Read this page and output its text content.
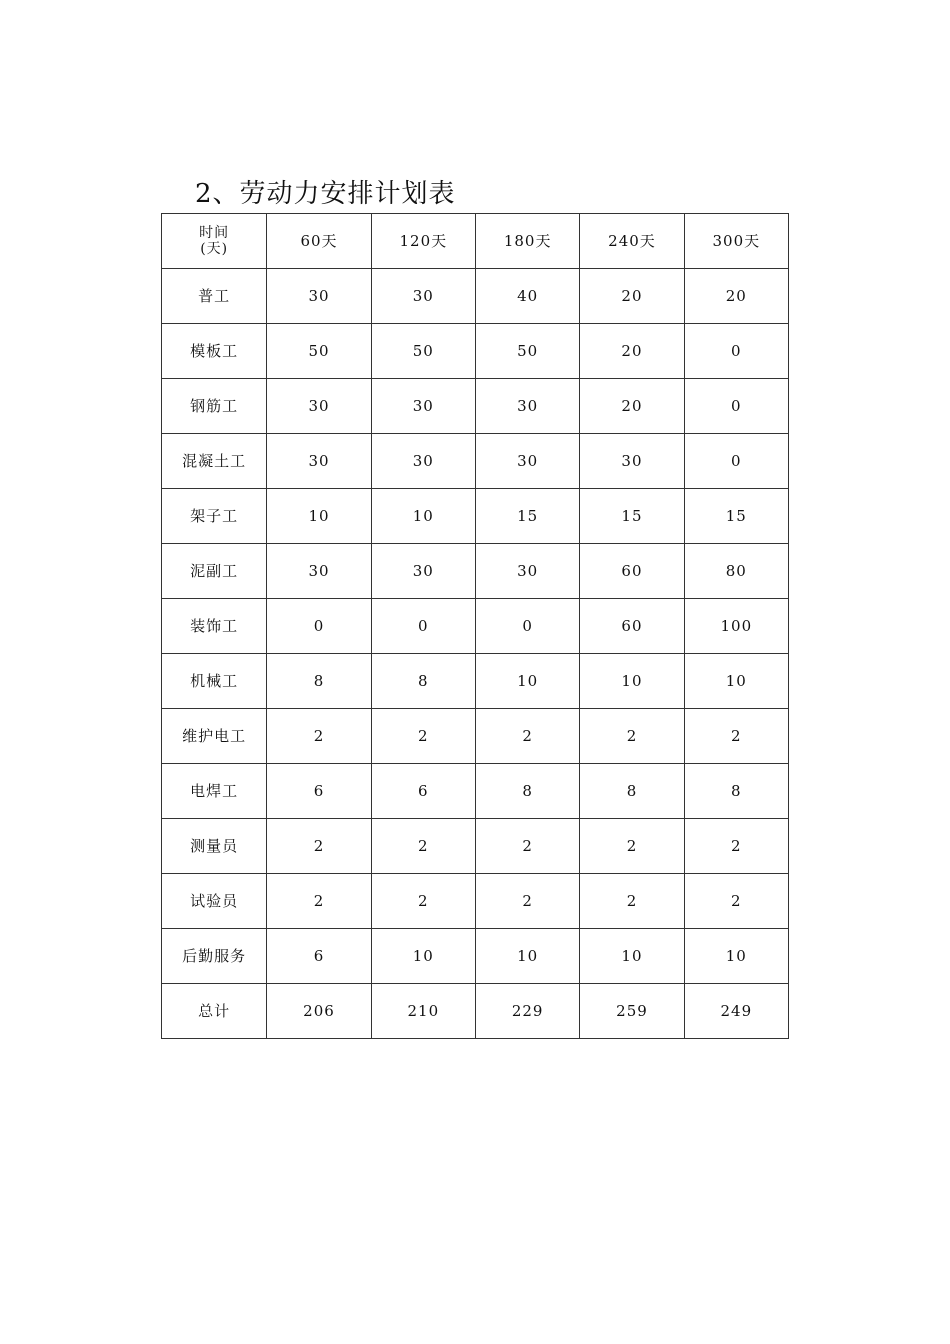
2、劳动力安排计划表
时间
(天)	60天	120天	180天	240天	300天
普工	30	30	40	20	20
模板工	50	50	50	20	0
钢筋工	30	30	30	20	0
混凝土工	30	30	30	30	0
架子工	10	10	15	15	15
泥副工	30	30	30	60	80
装饰工	0	0	0	60	100
机械工	8	8	10	10	10
维护电工	2	2	2	2	2
电焊工	6	6	8	8	8
测量员	2	2	2	2	2
试验员	2	2	2	2	2
后勤服务	6	10	10	10	10
总计	206	210	229	259	249
